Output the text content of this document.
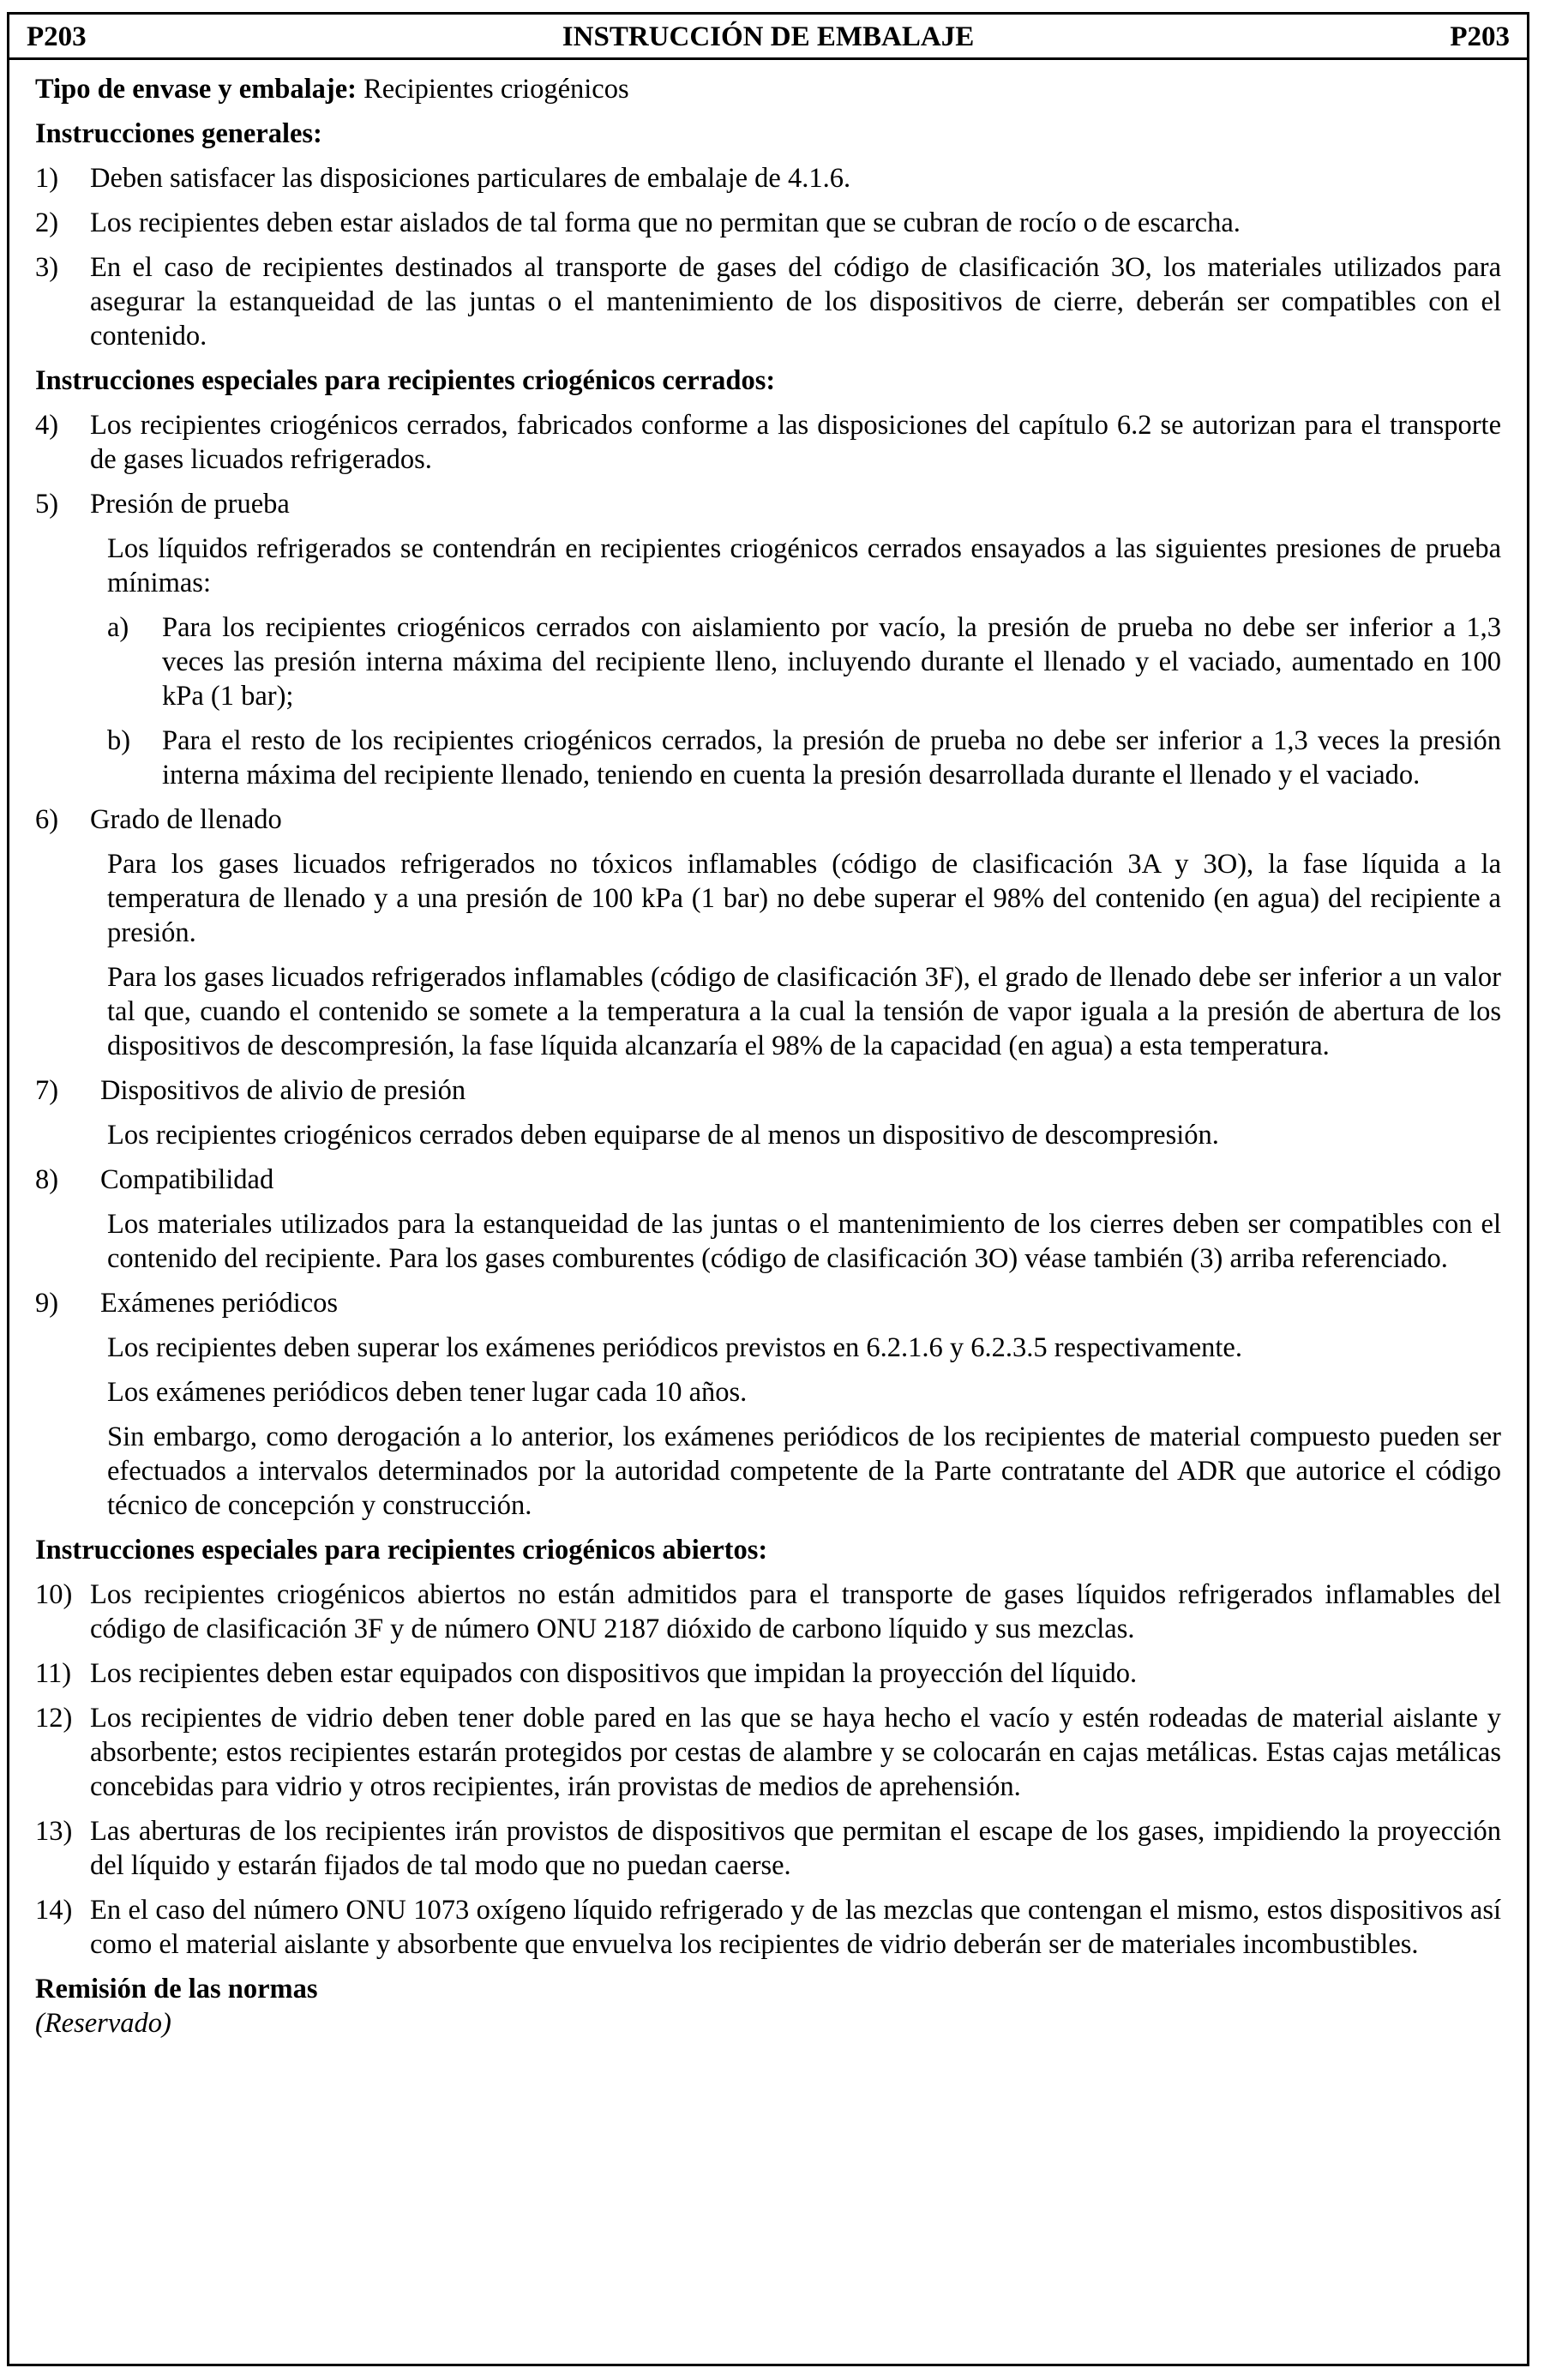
P203	INSTRUCCIÓN DE EMBALAJE	P203
Tipo de envase y embalaje: Recipientes criogénicos
Instrucciones generales:
1)	Deben satisfacer las disposiciones particulares de embalaje de 4.1.6.
2)	Los recipientes deben estar aislados de tal forma que no permitan que se cubran de rocío o de escarcha.
3)	En el caso de recipientes destinados al transporte de gases del código de clasificación 3O, los materiales utilizados para asegurar la estanqueidad de las juntas o el mantenimiento de los dispositivos de cierre, deberán ser compatibles con el contenido.
Instrucciones especiales para recipientes criogénicos cerrados:
4)	Los recipientes criogénicos cerrados, fabricados conforme a las disposiciones del capítulo 6.2 se autorizan para el transporte de gases licuados refrigerados.
5)	Presión de prueba
Los líquidos refrigerados se contendrán en recipientes criogénicos cerrados ensayados a las siguientes presiones de prueba mínimas:
a)	Para los recipientes criogénicos cerrados con aislamiento por vacío, la presión de prueba no debe ser inferior a 1,3 veces las presión interna máxima del recipiente lleno, incluyendo durante el llenado y el vaciado, aumentado en 100 kPa (1 bar);
b)	Para el resto de los recipientes criogénicos cerrados, la presión de prueba no debe ser inferior a 1,3 veces la presión interna máxima del recipiente llenado, teniendo en cuenta la presión desarrollada durante el llenado y el vaciado.
6)	Grado de llenado
Para los gases licuados refrigerados no tóxicos inflamables (código de clasificación 3A y 3O), la fase líquida a la temperatura de llenado y a una presión de 100 kPa (1 bar) no debe superar el 98% del contenido (en agua) del recipiente a presión.
Para los gases licuados refrigerados inflamables (código de clasificación 3F), el grado de llenado debe ser inferior a un valor tal que, cuando el contenido se somete a la temperatura a la cual la tensión de vapor iguala a la presión de abertura de los dispositivos de descompresión, la fase líquida alcanzaría el 98% de la capacidad (en agua) a esta temperatura.
7)	Dispositivos de alivio de presión
Los recipientes criogénicos cerrados deben equiparse de al menos un dispositivo de descompresión.
8)	Compatibilidad
Los materiales utilizados para la estanqueidad de las juntas o el mantenimiento de los cierres deben ser compatibles con el contenido del recipiente. Para los gases comburentes (código de clasificación 3O) véase también (3) arriba referenciado.
9)	Exámenes periódicos
Los recipientes deben superar los exámenes periódicos previstos en 6.2.1.6 y 6.2.3.5 respectivamente.
Los exámenes periódicos deben tener lugar cada 10 años.
Sin embargo, como derogación a lo anterior, los exámenes periódicos de los recipientes de material compuesto pueden ser efectuados a intervalos determinados por la autoridad competente de la Parte contratante del ADR que autorice el código técnico de concepción y construcción.
Instrucciones especiales para recipientes criogénicos abiertos:
10) Los recipientes criogénicos abiertos no están admitidos para el transporte de gases líquidos refrigerados inflamables del código de clasificación 3F y de número ONU 2187 dióxido de carbono líquido y sus mezclas.
11) Los recipientes deben estar equipados con dispositivos que impidan la proyección del líquido.
12) Los recipientes de vidrio deben tener doble pared en las que se haya hecho el vacío y estén rodeadas de material aislante y absorbente; estos recipientes estarán protegidos por cestas de alambre y se colocarán en cajas metálicas. Estas cajas metálicas concebidas para vidrio y otros recipientes, irán provistas de medios de aprehensión.
13) Las aberturas de los recipientes irán provistos de dispositivos que permitan el escape de los gases, impidiendo la proyección del líquido y estarán fijados de tal modo que no puedan caerse.
14) En el caso del número ONU 1073 oxígeno líquido refrigerado y de las mezclas que contengan el mismo, estos dispositivos así como el material aislante y absorbente que envuelva los recipientes de vidrio deberán ser de materiales incombustibles.
Remisión de las normas
(Reservado)
